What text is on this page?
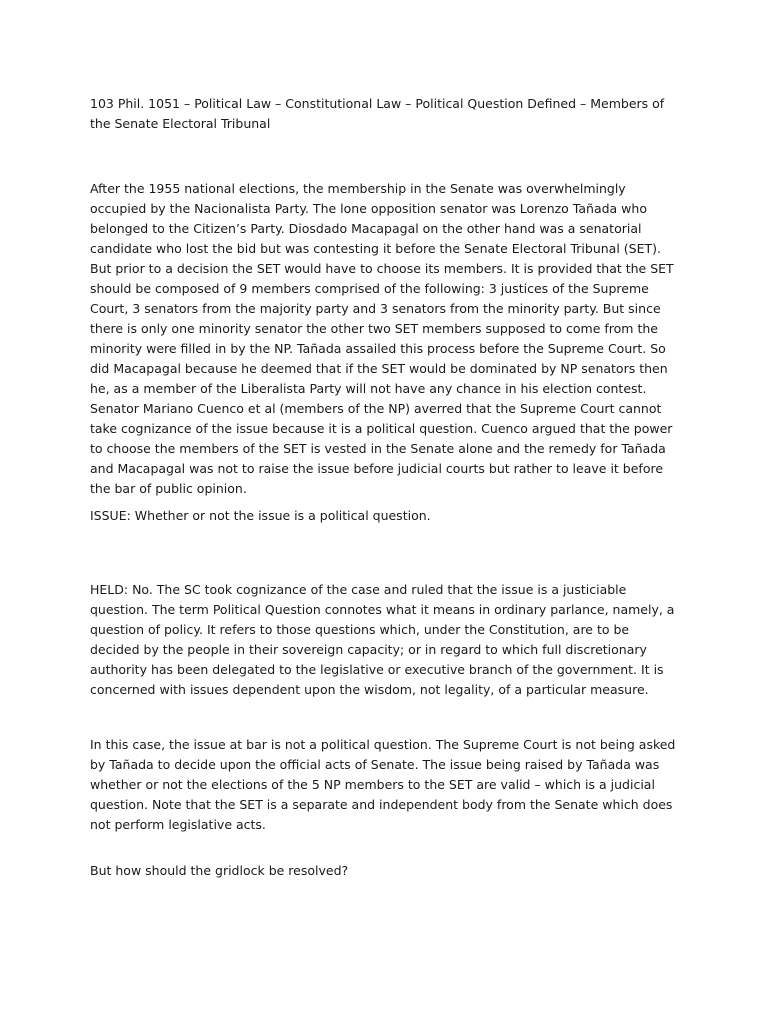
103 Phil. 1051 – Political Law – Constitutional Law – Political Question Defined – Members of the Senate Electoral Tribunal

After the 1955 national elections, the membership in the Senate was overwhelmingly occupied by the Nacionalista Party. The lone opposition senator was Lorenzo Tañada who belonged to the Citizen’s Party. Diosdado Macapagal on the other hand was a senatorial candidate who lost the bid but was contesting it before the Senate Electoral Tribunal (SET). But prior to a decision the SET would have to choose its members. It is provided that the SET should be composed of 9 members comprised of the following: 3 justices of the Supreme Court, 3 senators from the majority party and 3 senators from the minority party. But since there is only one minority senator the other two SET members supposed to come from the minority were filled in by the NP. Tañada assailed this process before the Supreme Court. So did Macapagal because he deemed that if the SET would be dominated by NP senators then he, as a member of the Liberalista Party will not have any chance in his election contest. Senator Mariano Cuenco et al (members of the NP) averred that the Supreme Court cannot take cognizance of the issue because it is a political question. Cuenco argued that the power to choose the members of the SET is vested in the Senate alone and the remedy for Tañada and Macapagal was not to raise the issue before judicial courts but rather to leave it before the bar of public opinion.

ISSUE: Whether or not the issue is a political question.

HELD: No. The SC took cognizance of the case and ruled that the issue is a justiciable question. The term Political Question connotes what it means in ordinary parlance, namely, a question of policy. It refers to those questions which, under the Constitution, are to be decided by the people in their sovereign capacity; or in regard to which full discretionary authority has been delegated to the legislative or executive branch of the government. It is concerned with issues dependent upon the wisdom, not legality, of a particular measure.

In this case, the issue at bar is not a political question. The Supreme Court is not being asked by Tañada to decide upon the official acts of Senate. The issue being raised by Tañada was whether or not the elections of the 5 NP members to the SET are valid – which is a judicial question. Note that the SET is a separate and independent body from the Senate which does not perform legislative acts.

But how should the gridlock be resolved?
